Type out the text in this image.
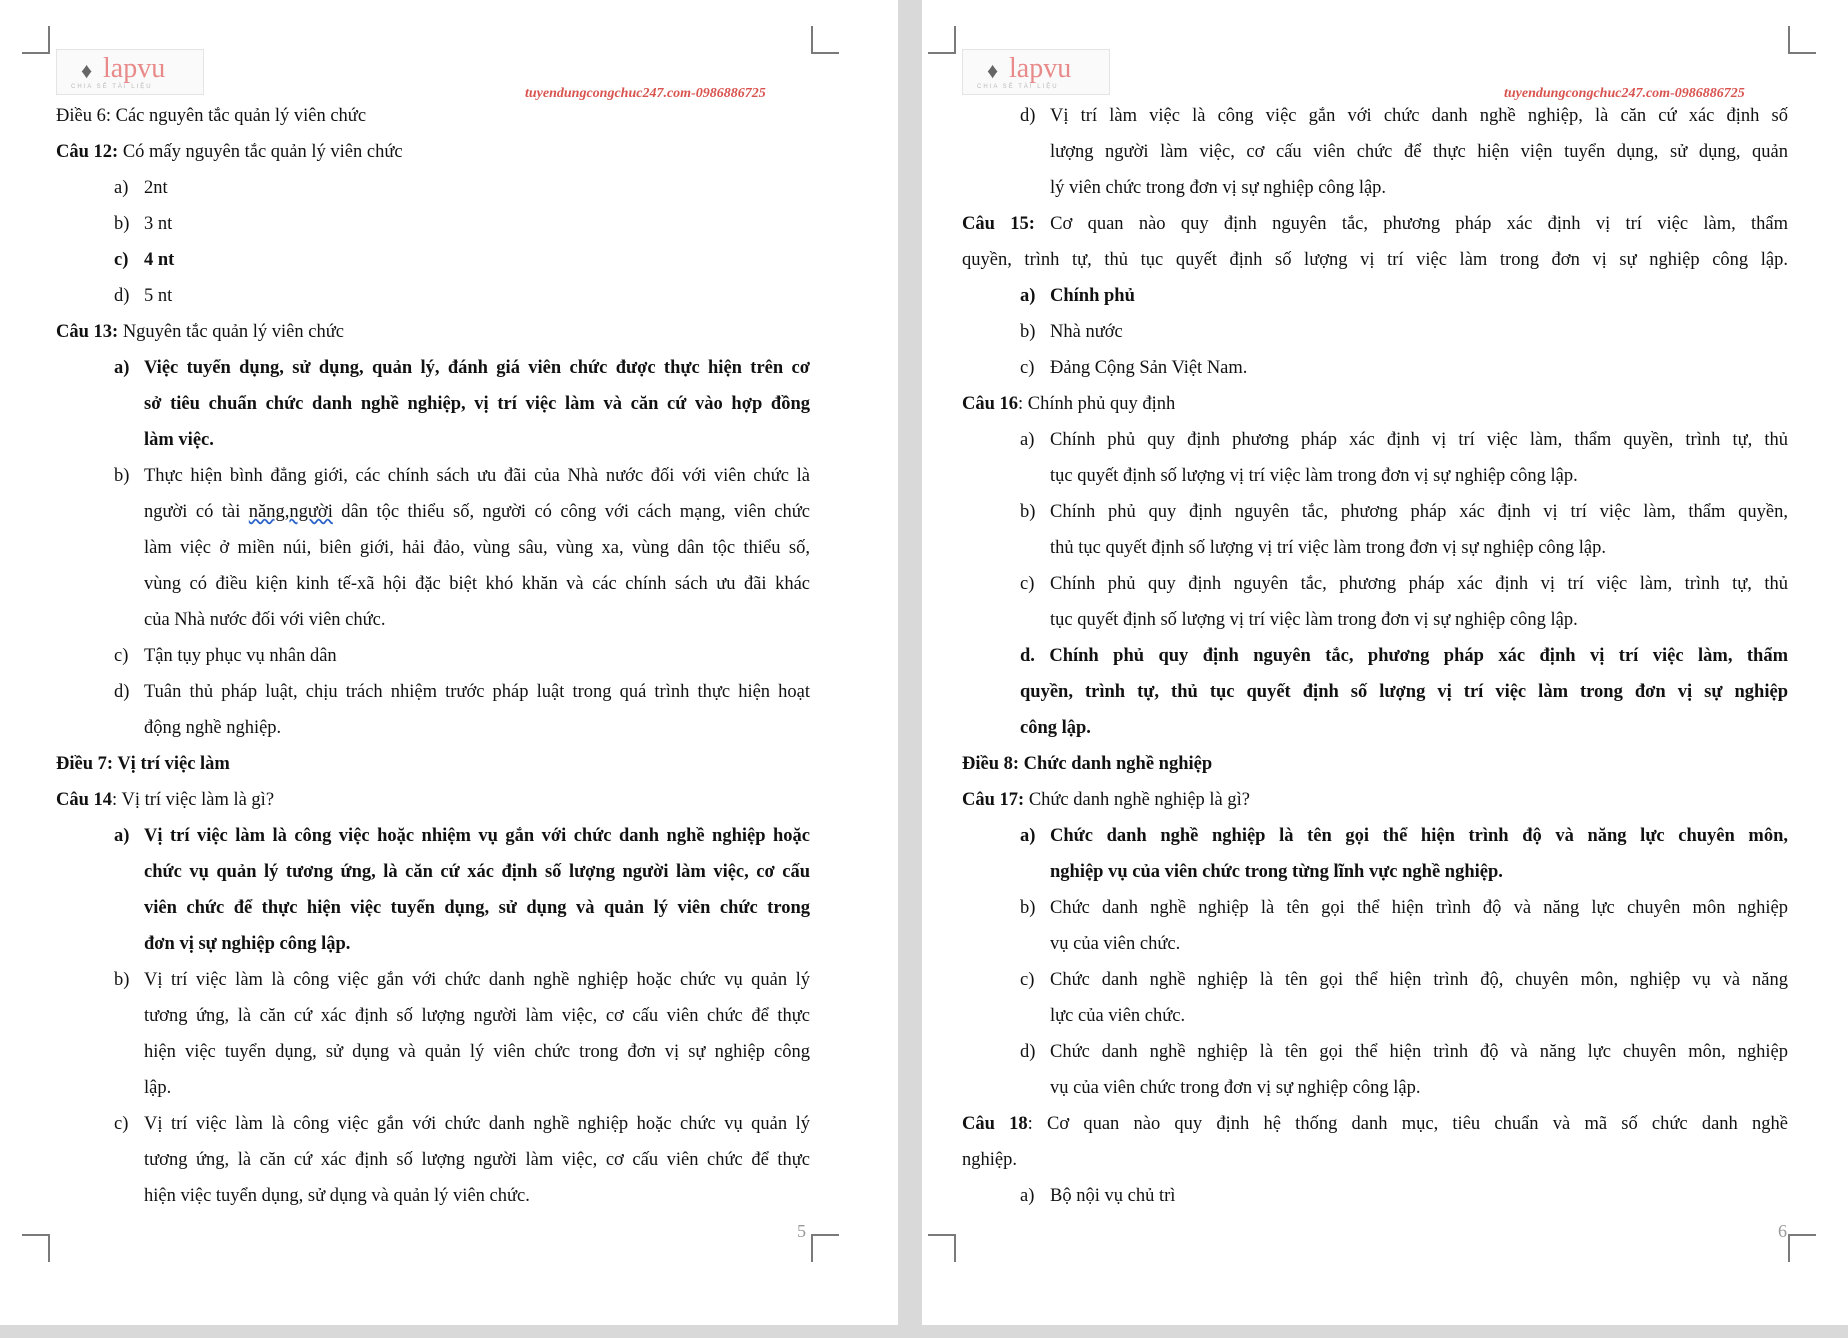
♦ lapvu
CHIA SẺ TÀI LIỆU	tuyendungcongchuc247.com-0986886725
Điều 6: Các nguyên tắc quản lý viên chức
Câu 12: Có mấy nguyên tắc quản lý viên chức
a) 2nt
b) 3 nt
c) 4 nt
d) 5 nt
Câu 13: Nguyên tắc quản lý viên chức
a) Việc tuyển dụng, sử dụng, quản lý, đánh giá viên chức được thực hiện trên cơ
sở tiêu chuẩn chức danh nghề nghiệp, vị trí việc làm và căn cứ vào hợp đồng
làm việc.
b) Thực hiện bình đẳng giới, các chính sách ưu đãi của Nhà nước đối với viên chức là
người có tài năng,người dân tộc thiểu số, người có công với cách mạng, viên chức
làm việc ở miền núi, biên giới, hải đảo, vùng sâu, vùng xa, vùng dân tộc thiểu số,
vùng có điều kiện kinh tế-xã hội đặc biệt khó khăn và các chính sách ưu đãi khác
của Nhà nước đối với viên chức.
c) Tận tụy phục vụ nhân dân
d) Tuân thủ pháp luật, chịu trách nhiệm trước pháp luật trong quá trình thực hiện hoạt
động nghề nghiệp.
Điều 7: Vị trí việc làm
Câu 14: Vị trí việc làm là gì?
a) Vị trí việc làm là công việc hoặc nhiệm vụ gắn với chức danh nghề nghiệp hoặc
chức vụ quản lý tương ứng, là căn cứ xác định số lượng người làm việc, cơ cấu
viên chức để thực hiện việc tuyển dụng, sử dụng và quản lý viên chức trong
đơn vị sự nghiệp công lập.
b) Vị trí việc làm là công việc gắn với chức danh nghề nghiệp hoặc chức vụ quản lý
tương ứng, là căn cứ xác định số lượng người làm việc, cơ cấu viên chức để thực
hiện việc tuyển dụng, sử dụng và quản lý viên chức trong đơn vị sự nghiệp công
lập.
c) Vị trí việc làm là công việc gắn với chức danh nghề nghiệp hoặc chức vụ quản lý
tương ứng, là căn cứ xác định số lượng người làm việc, cơ cấu viên chức để thực
hiện việc tuyển dụng, sử dụng và quản lý viên chức.
5
♦ lapvu
CHIA SẺ TÀI LIỆU	tuyendungcongchuc247.com-0986886725
d) Vị trí làm việc là công việc gắn với chức danh nghề nghiệp, là căn cứ xác định số
lượng người làm việc, cơ cấu viên chức để thực hiện viện tuyển dụng, sử dụng, quản
lý viên chức trong đơn vị sự nghiệp công lập.
Câu 15: Cơ quan nào quy định nguyên tắc, phương pháp xác định vị trí việc làm, thẩm
quyền, trình tự, thủ tục quyết định số lượng vị trí việc làm trong đơn vị sự nghiệp công lập.
a) Chính phủ
b) Nhà nước
c) Đảng Cộng Sản Việt Nam.
Câu 16: Chính phủ quy định
a) Chính phủ quy định phương pháp xác định vị trí việc làm, thẩm quyền, trình tự, thủ
tục quyết định số lượng vị trí việc làm trong đơn vị sự nghiệp công lập.
b) Chính phủ quy định nguyên tắc, phương pháp xác định vị trí việc làm, thẩm quyền,
thủ tục quyết định số lượng vị trí việc làm trong đơn vị sự nghiệp công lập.
c) Chính phủ quy định nguyên tắc, phương pháp xác định vị trí việc làm, trình tự, thủ
tục quyết định số lượng vị trí việc làm trong đơn vị sự nghiệp công lập.
d. Chính phủ quy định nguyên tắc, phương pháp xác định vị trí việc làm, thẩm
quyền, trình tự, thủ tục quyết định số lượng vị trí việc làm trong đơn vị sự nghiệp
công lập.
Điều 8: Chức danh nghề nghiệp
Câu 17: Chức danh nghề nghiệp là gì?
a) Chức danh nghề nghiệp là tên gọi thể hiện trình độ và năng lực chuyên môn,
nghiệp vụ của viên chức trong từng lĩnh vực nghề nghiệp.
b) Chức danh nghề nghiệp là tên gọi thể hiện trình độ và năng lực chuyên môn nghiệp
vụ của viên chức.
c) Chức danh nghề nghiệp là tên gọi thể hiện trình độ, chuyên môn, nghiệp vụ và năng
lực của viên chức.
d) Chức danh nghề nghiệp là tên gọi thể hiện trình độ và năng lực chuyên môn, nghiệp
vụ của viên chức trong đơn vị sự nghiệp công lập.
Câu 18: Cơ quan nào quy định hệ thống danh mục, tiêu chuẩn và mã số chức danh nghề
nghiệp.
a) Bộ nội vụ chủ trì
6
